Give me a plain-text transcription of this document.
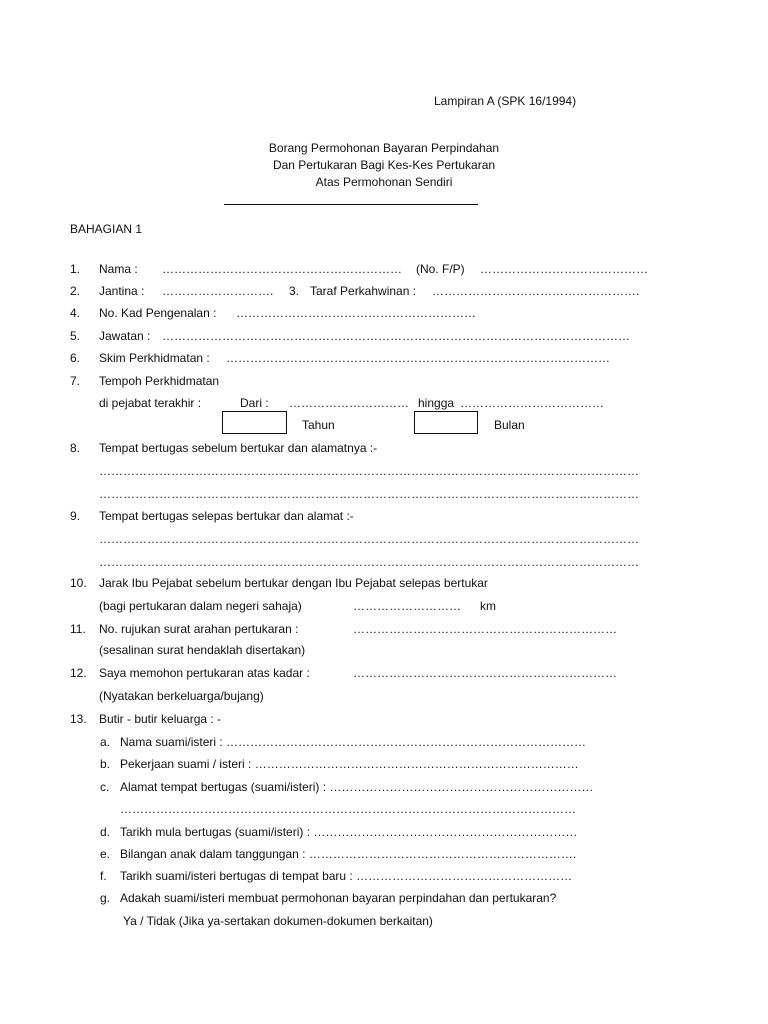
Lampiran A (SPK 16/1994)
Borang Permohonan Bayaran Perpindahan
Dan Pertukaran Bagi Kes-Kes Pertukaran
Atas Permohonan Sendiri
BAHAGIAN 1
1. Nama : …………………………………………………… (No. F/P) ……………………………………
2. Jantina : ………………………. 3. Taraf Perkahwinan : …………………………………………….
4. No. Kad Pengenalan : ……………………………………………………
5. Jawatan : ………………………………………………………………………………………………………
6. Skim Perkhidmatan : ……………………………………………………………………………………
7. Tempoh Perkhidmatan
di pejabat terakhir :	Dari : ………………………… hingga ………………………………
Tahun	Bulan
8. Tempat bertugas sebelum bertukar dan alamatnya :-
………………………………………………………………………………………………………………………
………………………………………………………………………………………………………………………
9. Tempat bertugas selepas bertukar dan alamat :-
………………………………………………………………………………………………………………………
………………………………………………………………………………………………………………………
10. Jarak Ibu Pejabat sebelum bertukar dengan Ibu Pejabat selepas bertukar
(bagi pertukaran dalam negeri sahaja)	……………………… km
11. No. rujukan surat arahan pertukaran :	…………………………………………………………
(sesalinan surat hendaklah disertakan)
12. Saya memohon pertukaran atas kadar :	…………………………………………………………
(Nyatakan berkeluarga/bujang)
13. Butir - butir keluarga : -
a. Nama suami/isteri : ………………………………………………………………………………
b. Pekerjaan suami / isteri : ………………………………………………………………………
c. Alamat tempat bertugas (suami/isteri) : …………………………………………………………
……………………………………………………………………………………………………
d. Tarikh mula bertugas (suami/isteri) : …………………………………………………………
e. Bilangan anak dalam tanggungan : ………………………………………………………….
f. Tarikh suami/isteri bertugas di tempat baru : ………………………………………………
g. Adakah suami/isteri membuat permohonan bayaran perpindahan dan pertukaran?
Ya / Tidak (Jika ya-sertakan dokumen-dokumen berkaitan)
